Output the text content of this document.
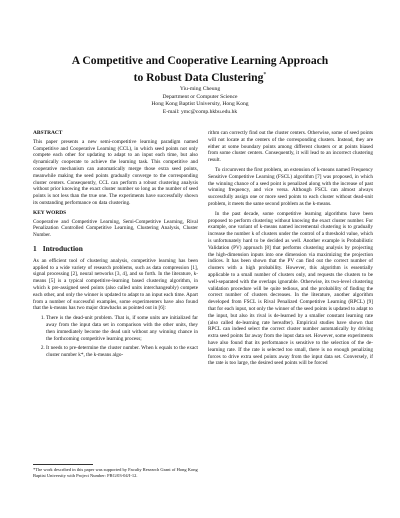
A Competitive and Cooperative Learning Approach
to Robust Data Clustering*
Yiu-ming Cheung
Department or Computer Science
Hong Kong Baptist University, Hong Kong
E-mail: ymc@comp.hkbu.edu.hk
ABSTRACT

This paper presents a new semi-competitive learning paradigm named Competitive and Cooperative Learning (CCL), in which seed points not only compete each other for updating to adapt to an input each time, but also dynamically cooperate to achieve the learning task. This competitive and cooperative mechanism can automatically merge those extra seed points, meanwhile making the seed points gradually converge to the corresponding cluster centers. Consequently, CCL can perform a robust clustering analysis without prior knowing the exact cluster number so long as the number of seed points is not less than the true one. The experiments have successfully shown its outstanding performance on data clustering.

KEY WORDS

Cooperative and Competitive Learning, Semi-Competitive Learning, Rival Penalization Controlled Competitive Learning, Clustering Analysis, Cluster Number.

1 Introduction

As an efficient tool of clustering analysis, competitive learning has been applied to a wide variety of research problems, such as data compression [1], signal processing [2], neural networks [3, 4], and so forth. In the literature, k-means [5] is a typical competitive-learning based clustering algorithm, in which k pre-assigned seed points (also called units interchangeably) compete each other, and only the winner is updated to adapt to an input each time. Apart from a number of successful examples, some experimenters have also found that the k-means has two major drawbacks as pointed out in [6]:

1. There is the dead-unit problem. That is, if some units are initialized far away from the input data set in comparison with the other units, they then immediately become the dead unit without any winning chance in the forthcoming competitive learning process;
2. It needs to pre-determine the cluster number. When k equals to the exact cluster number k*, the k-means algo-
*The work described in this paper was supported by Faculty Research Grant of Hong Kong Baptist University with Project Number: FRG/03-04/I-12.

rithm can correctly find out the cluster centers. Otherwise, some of seed points will not locate at the centers of the corresponding clusters. Instead, they are either at some boundary points among different clusters or at points biased from some cluster centers. Consequently, it will lead to an incorrect clustering result.

To circumvent the first problem, an extension of k-means named Frequency Sensitive Competitive Learning (FSCL) algorithm [7] was proposed, in which the winning chance of a seed point is penalized along with the increase of past winning frequency, and vice versa. Although FSCL can almost always successfully assign one or more seed points to each cluster without dead-unit problem, it meets the same second problem as the k-means.

In the past decade, some competitive learning algorithms have been proposed to perform clustering without knowing the exact cluster number. For example, one variant of k-means named incremental clustering is to gradually increase the number k of clusters under the control of a threshold value, which is unfortunately hard to be decided as well. Another example is Probabilistic Validation (PV) approach [8] that performs clustering analysis by projecting the high-dimension inputs into one dimension via maximizing the projection indices. It has been shown that the PV can find out the correct number of clusters with a high probability. However, this algorithm is essentially applicable to a small number of clusters only, and requests the clusters to be well-separated with the overlaps ignorable. Otherwise, its two-level clustering validation procedure will be quite tedious, and the probability of finding the correct number of clusters decreases. In the literature, another algorithm developed from FSCL is Rival Penalized Competitive Learning (RPCL) [9] that for each input, not only the winner of the seed points is updated to adapt to the input, but also its rival is de-learned by a smaller constant learning rate (also called de-learning rate hereafter). Empirical studies have shown that RPCL can indeed select the correct cluster number automatically by driving extra seed points far away from the input data set. However, some experiments have also found that its performance is sensitive to the selection of the de-learning rate. If the rate is selected too small, there is no enough penalizing forces to drive extra seed points away from the input data set. Conversely, if the rate is too large, the desired seed points will be forced
